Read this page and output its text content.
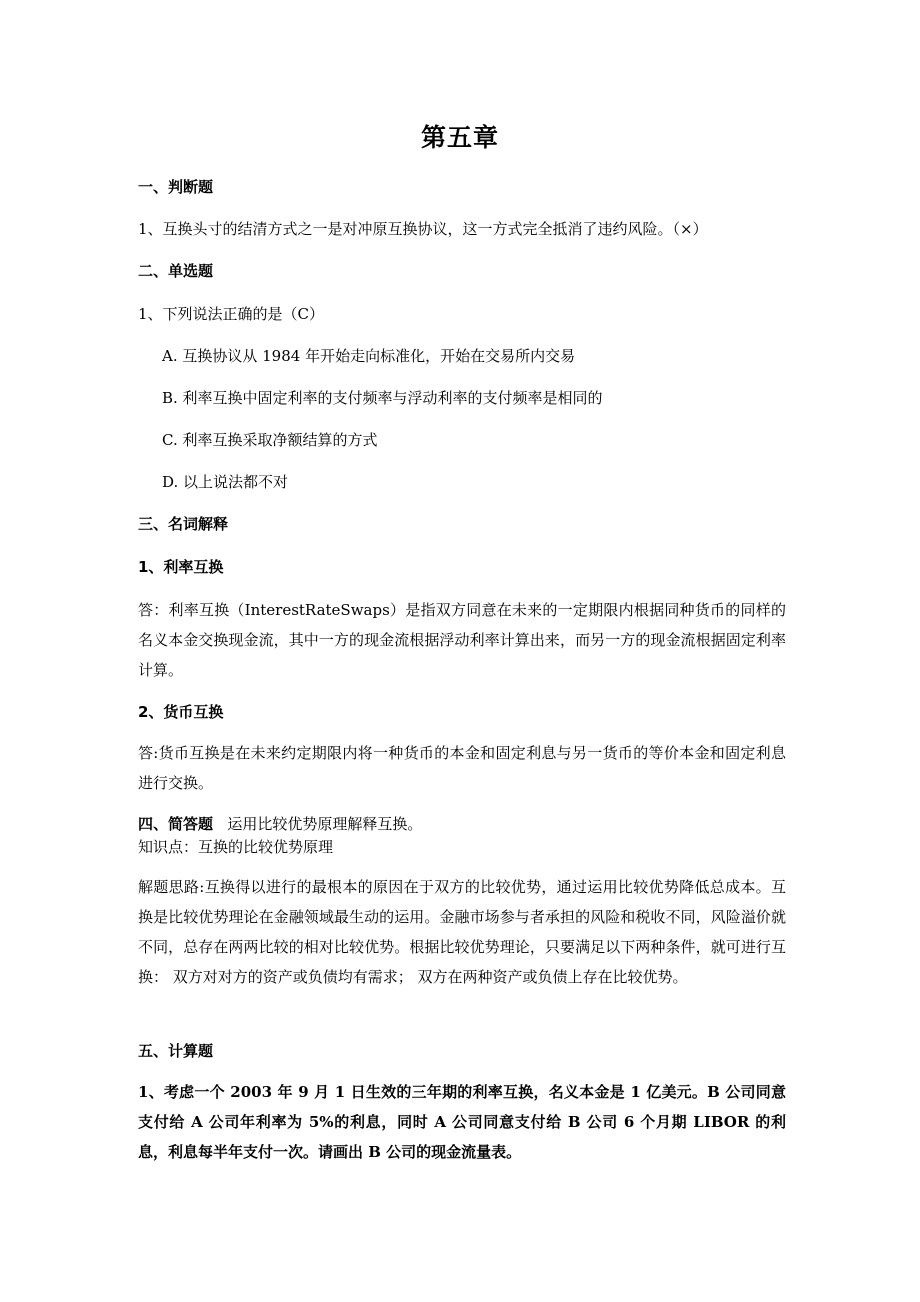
第五章
一、判断题
1、互换头寸的结清方式之一是对冲原互换协议，这一方式完全抵消了违约风险。（×）
二、单选题
1、下列说法正确的是（C）
A. 互换协议从 1984 年开始走向标准化，开始在交易所内交易
B. 利率互换中固定利率的支付频率与浮动利率的支付频率是相同的
C. 利率互换采取净额结算的方式
D. 以上说法都不对
三、名词解释
1、利率互换
答：利率互换（InterestRateSwaps）是指双方同意在未来的一定期限内根据同种货币的同样的名义本金交换现金流，其中一方的现金流根据浮动利率计算出来，而另一方的现金流根据固定利率计算。
2、货币互换
答:货币互换是在未来约定期限内将一种货币的本金和固定利息与另一货币的等价本金和固定利息进行交换。
四、简答题 运用比较优势原理解释互换。
知识点：互换的比较优势原理
解题思路:互换得以进行的最根本的原因在于双方的比较优势，通过运用比较优势降低总成本。互换是比较优势理论在金融领域最生动的运用。金融市场参与者承担的风险和税收不同，风险溢价就不同，总存在两两比较的相对比较优势。根据比较优势理论，只要满足以下两种条件，就可进行互换： 双方对对方的资产或负债均有需求； 双方在两种资产或负债上存在比较优势。
五、计算题
1、考虑一个 2003 年 9 月 1 日生效的三年期的利率互换，名义本金是 1 亿美元。B 公司同意支付给 A 公司年利率为 5%的利息，同时 A 公司同意支付给 B 公司 6 个月期 LIBOR 的利息，利息每半年支付一次。请画出 B 公司的现金流量表。
